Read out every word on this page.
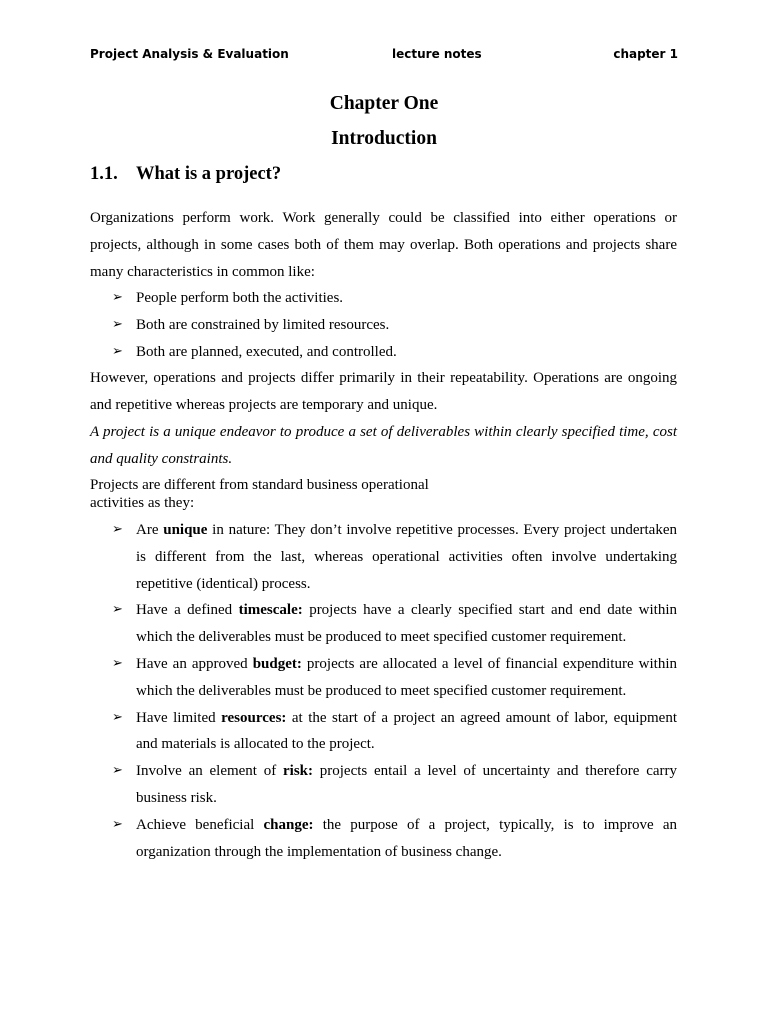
Project Analysis & Evaluation	lecture notes	chapter 1
Chapter One
Introduction
1.1. What is a project?
Organizations perform work. Work generally could be classified into either operations or projects, although in some cases both of them may overlap. Both operations and projects share many characteristics in common like:
➢ People perform both the activities.
➢ Both are constrained by limited resources.
➢ Both are planned, executed, and controlled.
However, operations and projects differ primarily in their repeatability. Operations are ongoing and repetitive whereas projects are temporary and unique.
A project is a unique endeavor to produce a set of deliverables within clearly specified time, cost and quality constraints.
Projects are different from standard business operational
activities as they:
➢ Are unique in nature: They don’t involve repetitive processes. Every project undertaken is different from the last, whereas operational activities often involve undertaking repetitive (identical) process.
➢ Have a defined timescale: projects have a clearly specified start and end date within which the deliverables must be produced to meet specified customer requirement.
➢ Have an approved budget: projects are allocated a level of financial expenditure within which the deliverables must be produced to meet specified customer requirement.
➢ Have limited resources: at the start of a project an agreed amount of labor, equipment and materials is allocated to the project.
➢ Involve an element of risk: projects entail a level of uncertainty and therefore carry business risk.
➢ Achieve beneficial change: the purpose of a project, typically, is to improve an organization through the implementation of business change.
